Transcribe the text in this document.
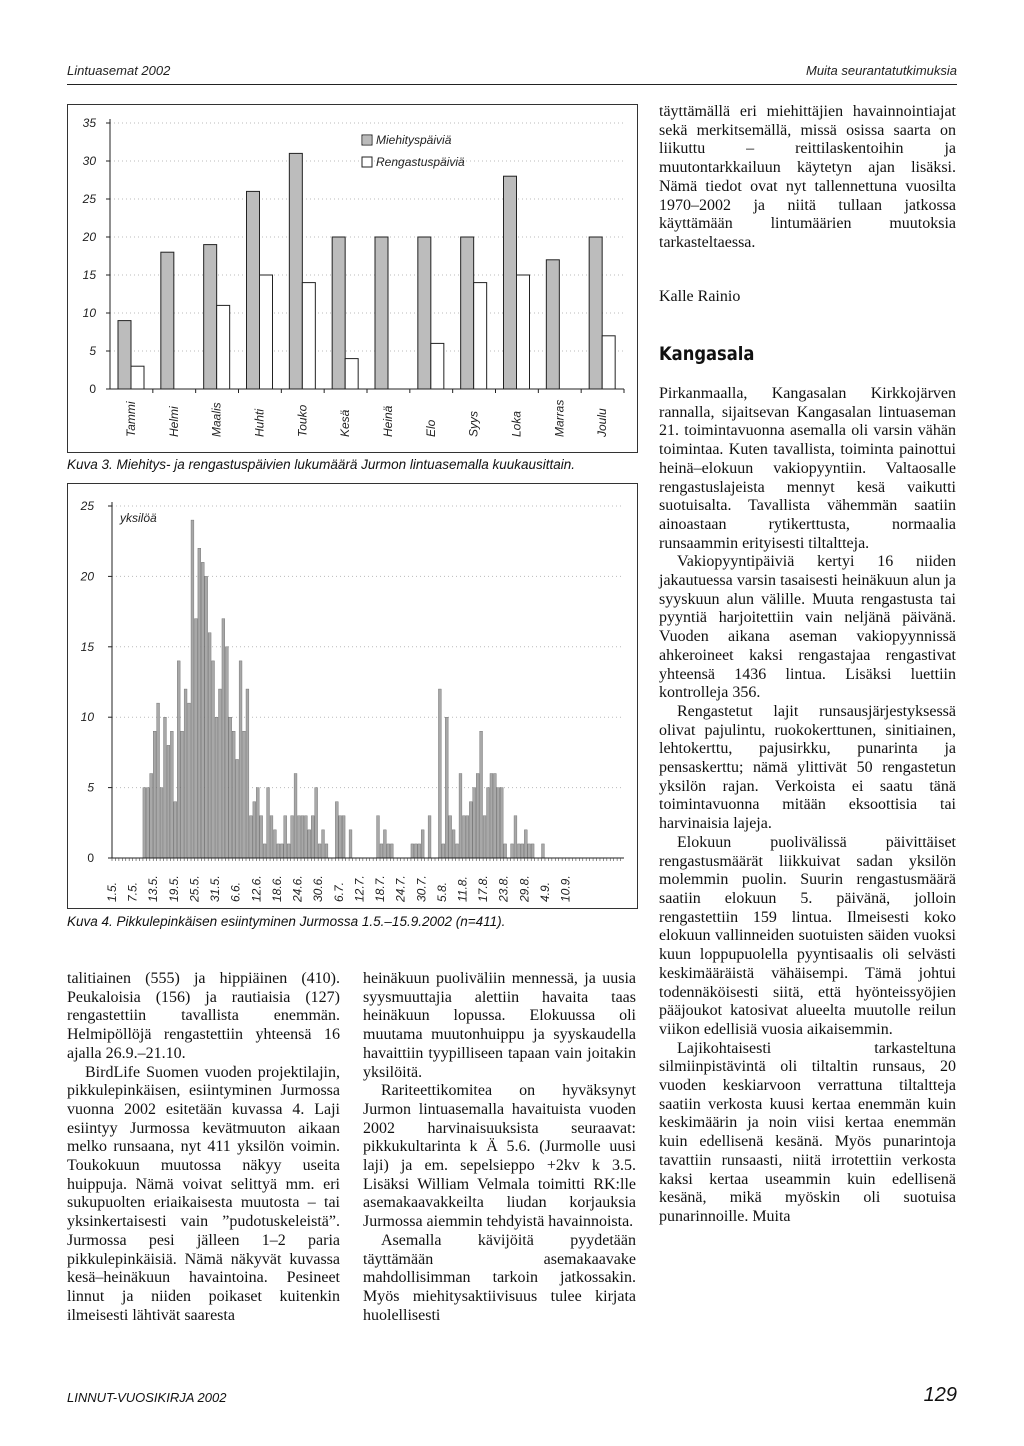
Lintuasemat 2002	Muita seurantatutkimuksia
0
5
10
15
20
25
30
35
Tammi Helmi Maalis Huhti Touko Kesä Heinä Elo Syys Loka Marras Joulu
Miehityspäiviä
Rengastuspäiviä
Kuva 3. Miehitys- ja rengastuspäivien lukumäärä Jurmon lintuasemalla kuukausittain.
0
5
10
15
20
25
1.5. 7.5. 13.5. 19.5. 25.5. 31.5. 6.6. 12.6. 18.6. 24.6. 30.6. 6.7. 12.7. 18.7. 24.7. 30.7. 5.8. 11.8. 17.8. 23.8. 29.8. 4.9. 10.9.
yksilöä
Kuva 4. Pikkulepinkäisen esiintyminen Jurmossa 1.5.–15.9.2002 (n=411).

täyttämällä eri miehittäjien havainnointiajat sekä merkitsemällä, missä osissa saarta on liikuttu – reittilaskentoihin ja muutontarkkailuun käytetyn ajan lisäksi. Nämä tiedot ovat nyt tallennettuna vuosilta 1970–2002 ja niitä tullaan jatkossa käyttämään lintumäärien muutoksia tarkasteltaessa.

Kalle Rainio
Kangasala

Pirkanmaalla, Kangasalan Kirkkojärven rannalla, sijaitsevan Kangasalan lintuaseman 21. toimintavuonna asemalla oli varsin vähän toimintaa. Kuten tavallista, toiminta painottui heinä–elokuun vakiopyyntiin. Valtaosalle rengastuslajeista mennyt kesä vaikutti suotuisalta. Tavallista vähemmän saatiin ainoastaan rytikerttusta, normaalia runsaammin erityisesti tiltaltteja.

Vakiopyyntipäiviä kertyi 16 niiden jakautuessa varsin tasaisesti heinäkuun alun ja syyskuun alun välille. Muuta rengastusta tai pyyntiä harjoitettiin vain neljänä päivänä. Vuoden aikana aseman vakiopyynnissä ahkeroineet kaksi rengastajaa rengastivat yhteensä 1436 lintua. Lisäksi luettiin kontrolleja 356.

Rengastetut lajit runsausjärjestyksessä olivat pajulintu, ruokokerttunen, sinitiainen, lehtokerttu, pajusirkku, punarinta ja pensaskerttu; nämä ylittivät 50 rengastetun yksilön rajan. Verkoista ei saatu tänä toimintavuonna mitään eksoottisia tai harvinaisia lajeja.

Elokuun puolivälissä päivittäiset rengastusmäärät liikkuivat sadan yksilön molemmin puolin. Suurin rengastusmäärä saatiin elokuun 5. päivänä, jolloin rengastettiin 159 lintua. Ilmeisesti koko elokuun vallinneiden suotuisten säiden vuoksi kuun loppupuolella pyyntisaalis oli selvästi keskimääräistä vähäisempi. Tämä johtui todennäköisesti siitä, että hyönteissyöjien pääjoukot katosivat alueelta muutolle reilun viikon edellisiä vuosia aikaisemmin.

Lajikohtaisesti tarkasteltuna silmiinpistävintä oli tiltaltin runsaus, 20 vuoden keskiarvoon verrattuna tiltaltteja saatiin verkosta kuusi kertaa enemmän kuin keskimäärin ja noin viisi kertaa enemmän kuin edellisenä kesänä. Myös punarintoja tavattiin runsaasti, niitä irrotettiin verkosta kaksi kertaa useammin kuin edellisenä kesänä, mikä myöskin oli suotuisa punarinnoille. Muita

talitiainen (555) ja hippiäinen (410). Peukaloisia (156) ja rautiaisia (127) rengastettiin tavallista enemmän. Helmipöllöjä rengastettiin yhteensä 16 ajalla 26.9.–21.10.

BirdLife Suomen vuoden projektilajin, pikkulepinkäisen, esiintyminen Jurmossa vuonna 2002 esitetään kuvassa 4. Laji esiintyy Jurmossa kevätmuuton aikaan melko runsaana, nyt 411 yksilön voimin. Toukokuun muutossa näkyy useita huippuja. Nämä voivat selittyä mm. eri sukupuolten eriaikaisesta muutosta – tai yksinkertaisesti vain ”pudotuskeleistä”. Jurmossa pesi jälleen 1–2 paria pikkulepinkäisiä. Nämä näkyvät kuvassa kesä–heinäkuun havaintoina. Pesineet linnut ja niiden poikaset kuitenkin ilmeisesti lähtivät saaresta

heinäkuun puoliväliin mennessä, ja uusia syysmuuttajia alettiin havaita taas heinäkuun lopussa. Elokuussa oli muutama muutonhuippu ja syyskaudella havaittiin tyypilliseen tapaan vain joitakin yksilöitä.

Rariteettikomitea on hyväksynyt Jurmon lintuasemalla havaituista vuoden 2002 harvinaisuuksista seuraavat: pikkukultarinta k Ä 5.6. (Jurmolle uusi laji) ja em. sepelsieppo +2kv k 3.5. Lisäksi William Velmala toimitti RK:lle asemakaavakkeilta liudan korjauksia Jurmossa aiemmin tehdyistä havainnoista.

Asemalla kävijöitä pyydetään täyttämään asemakaavake mahdollisimman tarkoin jatkossakin. Myös miehitysaktiivisuus tulee kirjata huolellisesti

LINNUT-VUOSIKIRJA 2002	129
